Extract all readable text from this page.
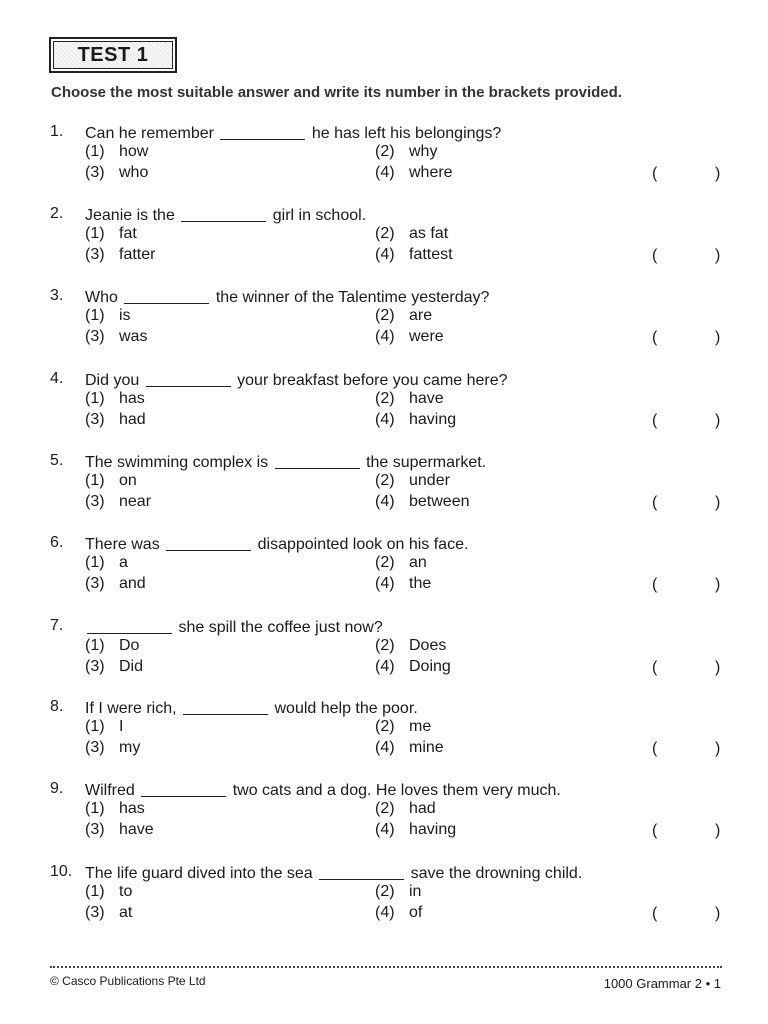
TEST 1
Choose the most suitable answer and write its number in the brackets provided.
1. Can he remember	he has left his belongings?
(1) how	(2) why
(3) who	(4) where	(	)
2. Jeanie is the	girl in school.
(1) fat	(2) as fat
(3) fatter	(4) fattest	(	)
3. Who	the winner of the Talentime yesterday?
(1) is	(2) are
(3) was	(4) were	(	)
4. Did you	your breakfast before you came here?
(1) has	(2) have
(3) had	(4) having	(	)
5. The swimming complex is	the supermarket.
(1) on	(2) under
(3) near	(4) between	(	)
6. There was	disappointed look on his face.
(1) a	(2) an
(3) and	(4) the	(	)
7.	she spill the coffee just now?
(1) Do	(2) Does
(3) Did	(4) Doing	(	)
8. If I were rich,	would help the poor.
(1) I	(2) me
(3) my	(4) mine	(	)
9. Wilfred	two cats and a dog. He loves them very much.
(1) has	(2) had
(3) have	(4) having	(	)
10. The life guard dived into the sea	save the drowning child.
(1) to	(2) in
(3) at	(4) of	(	)
© Casco Publications Pte Ltd	1000 Grammar 2 • 1
